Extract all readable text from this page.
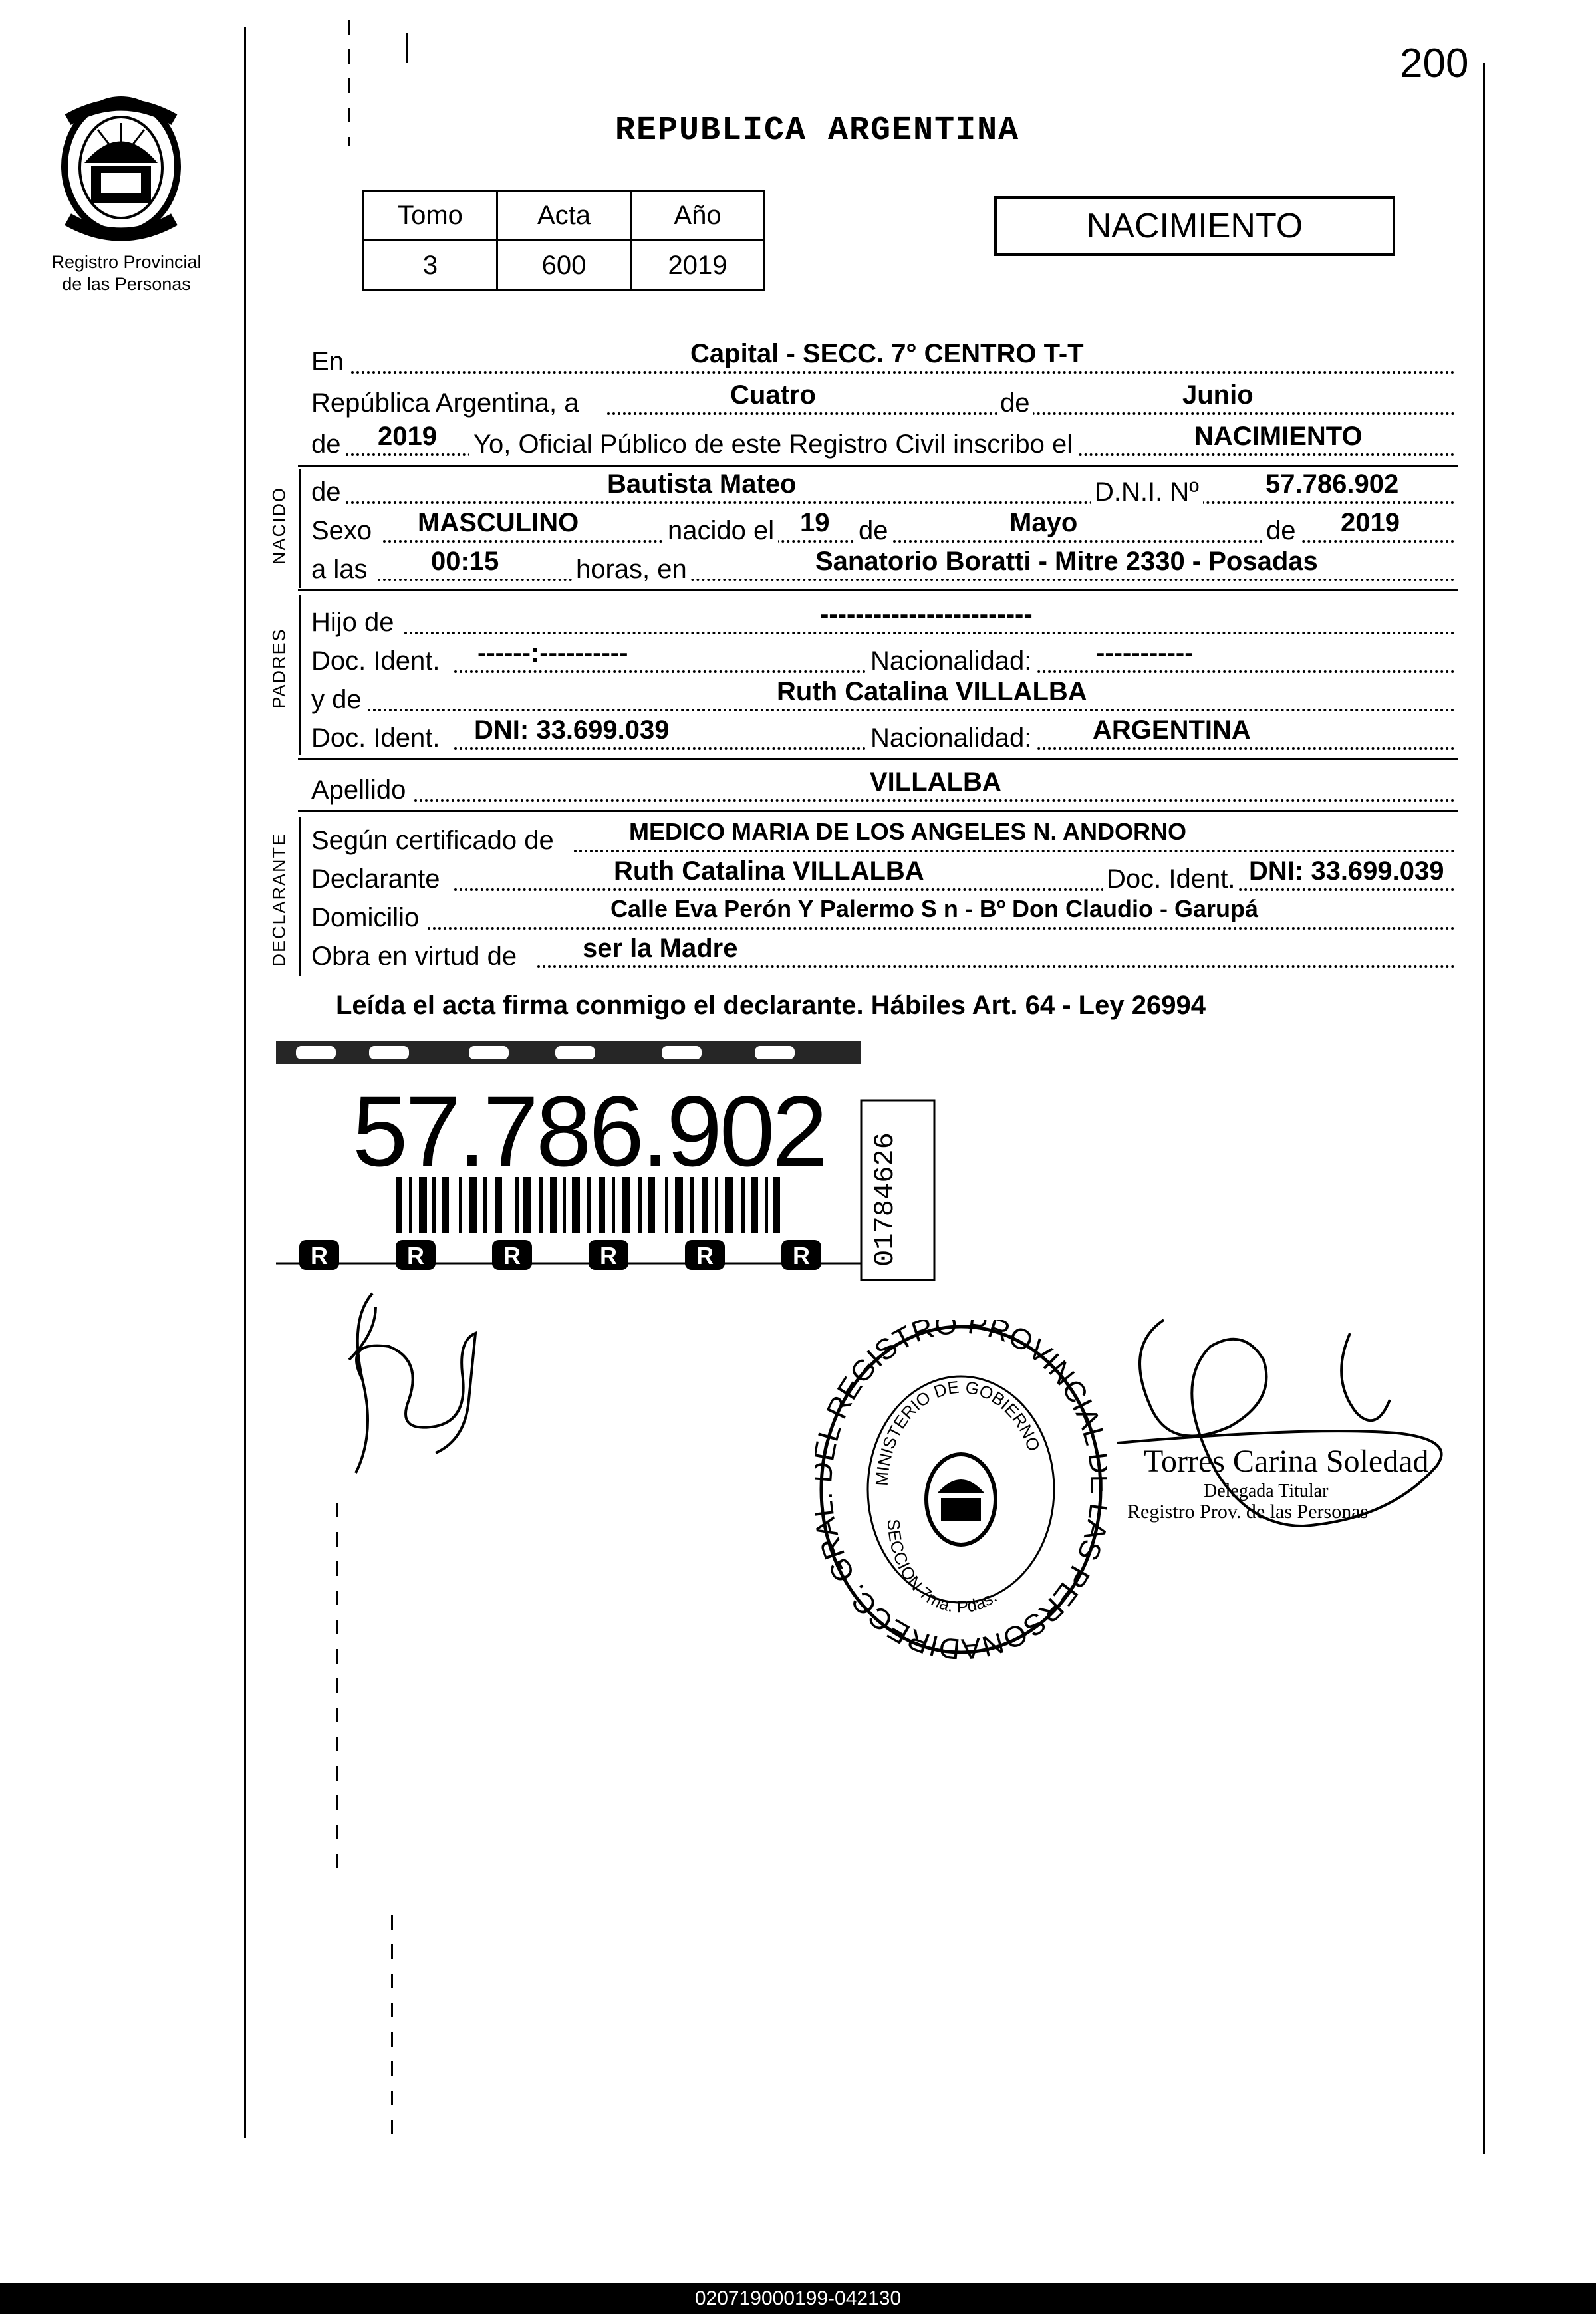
200
Registro Provincial
de las Personas
REPUBLICA ARGENTINA
Tomo	Acta	Año
3	600	2019
NACIMIENTO
En	Capital - SECC. 7° CENTRO T-T
República Argentina, a	Cuatro	de	Junio
de 2019 Yo, Oficial Público de este Registro Civil inscribo el	NACIMIENTO
NACIDO de	Bautista Mateo	D.N.I. Nº	57.786.902
Sexo MASCULINO	nacido el 19 de	Mayo	de 2019
a las 00:15	horas, en	Sanatorio Boratti - Mitre 2330 - Posadas
PADRES
Hijo de	------------------------
Doc. Ident. ------:----------	Nacionalidad: -----------
y de	Ruth Catalina VILLALBA
Doc. Ident. DNI: 33.699.039	Nacionalidad: ARGENTINA
Apellido	VILLALBA
DECLARANTE Según certificado de	MEDICO MARIA DE LOS ANGELES N. ANDORNO
Declarante	Ruth Catalina VILLALBA	Doc. Ident. DNI: 33.699.039
Domicilio	Calle Eva Perón Y Palermo S n - Bº Don Claudio - Garupá
Obra en virtud de ser la Madre
Leída el acta firma conmigo el declarante. Hábiles Art. 64 - Ley 26994
R	R	R	R	R	R
57.786.902
01784626
DIRECC. GR L REGISTRO PROVINCIA S PERSONA
MINISTERIO DE GOBIERNO
SECCION 7ma. Pdas.
Torres Carina Soledad
Delegada Titular
Registro Prov. de las Personas
020719000199-042130
